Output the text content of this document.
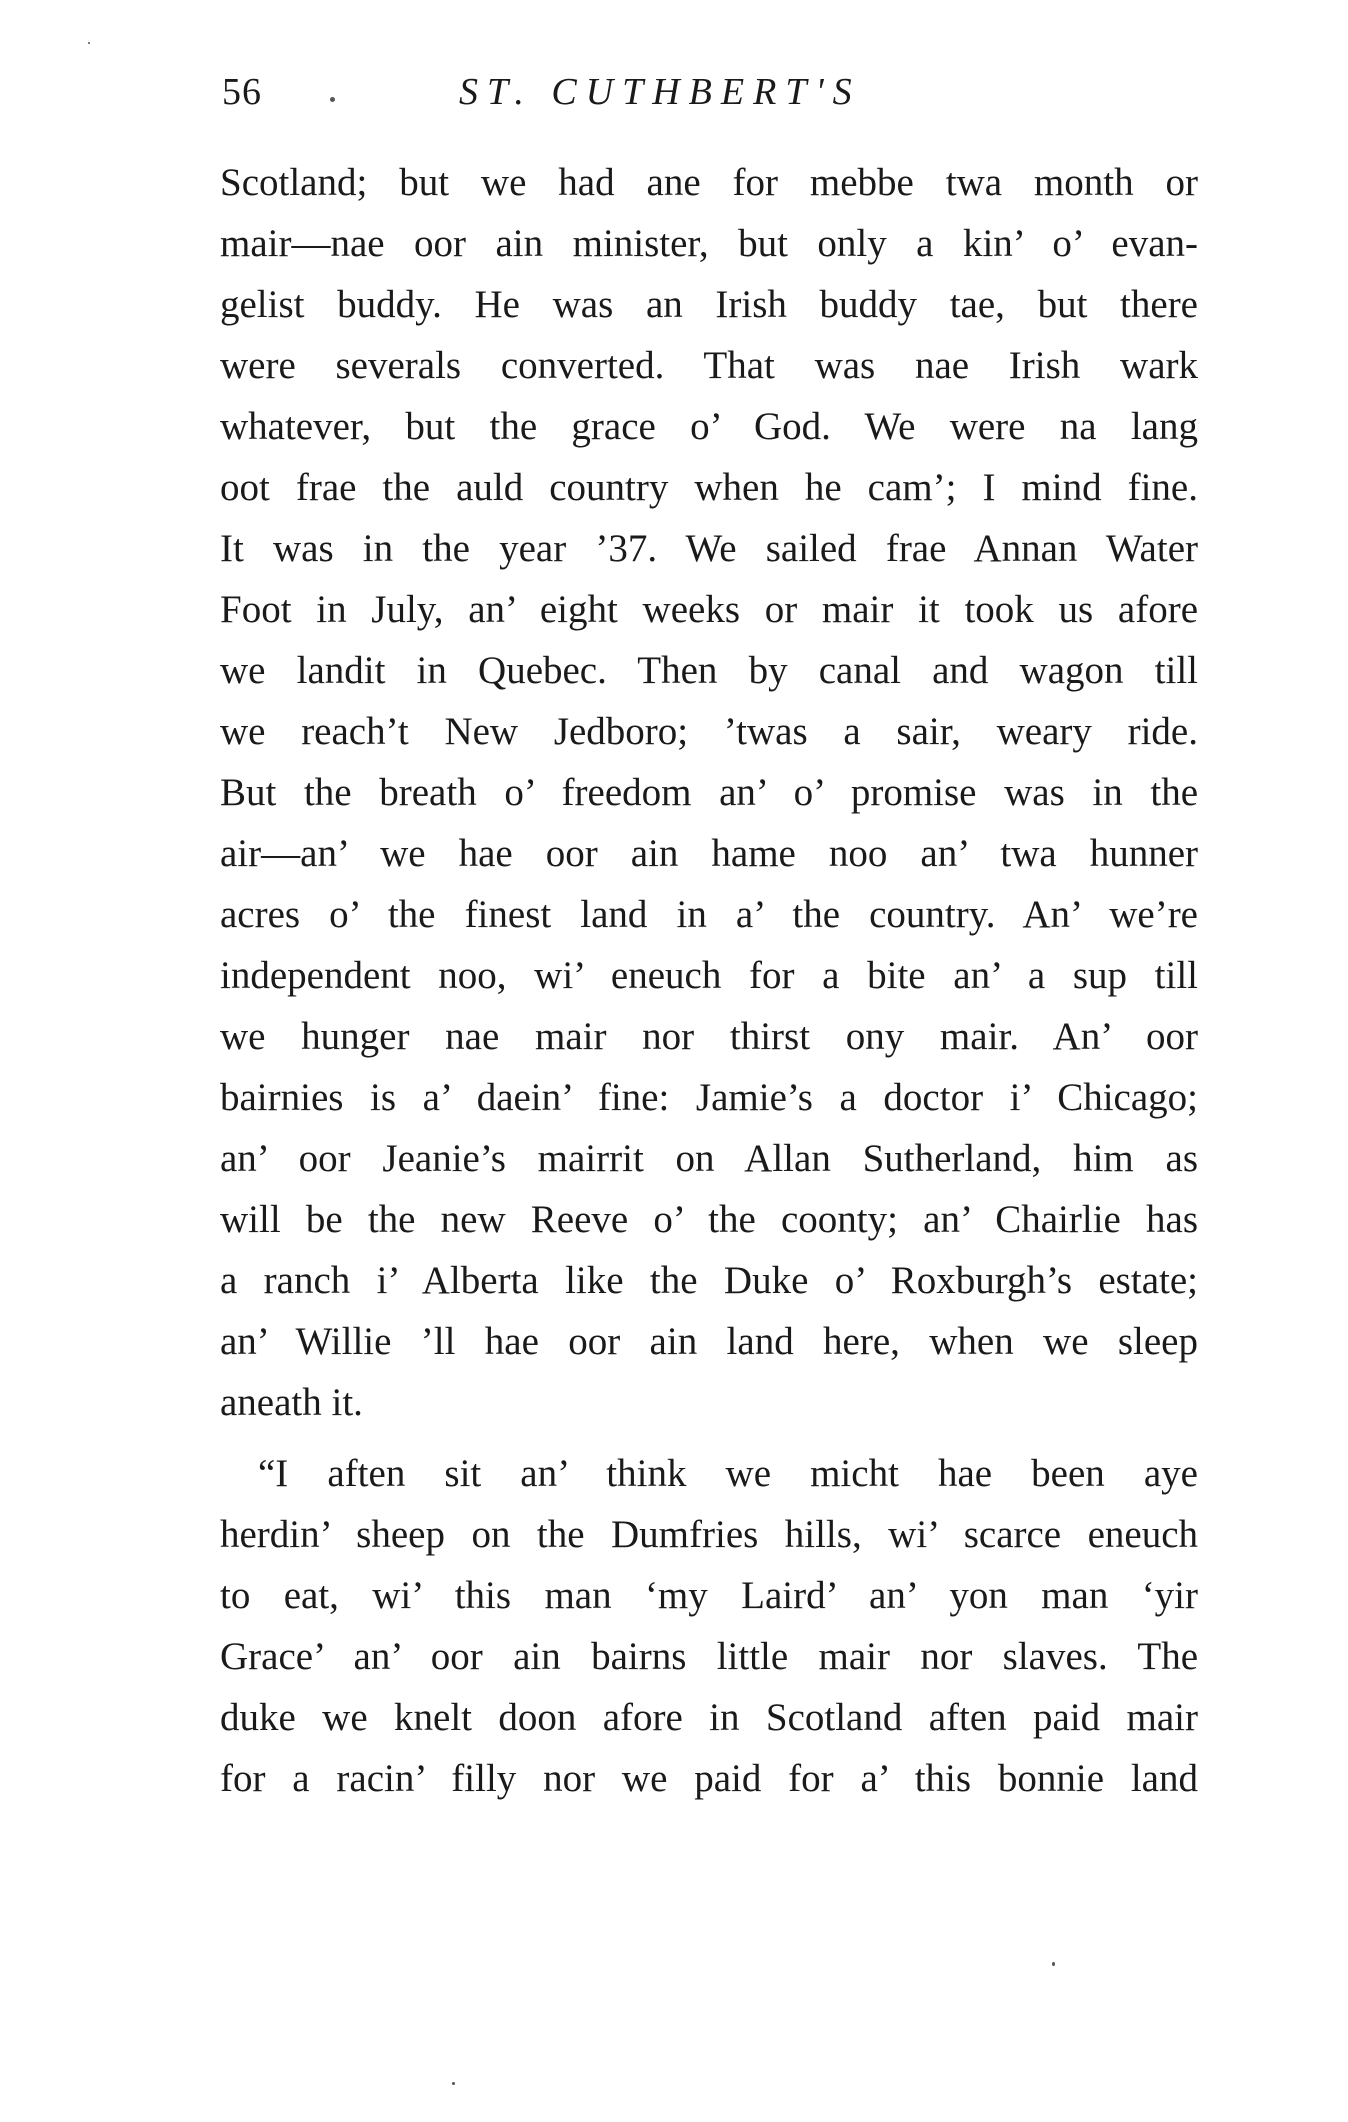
56	ST. CUTHBERT'S
Scotland; but we had ane for mebbe twa month or
mair—nae oor ain minister, but only a kin’ o’ evan-
gelist buddy. He was an Irish buddy tae, but there
were severals converted. That was nae Irish wark
whatever, but the grace o’ God. We were na lang
oot frae the auld country when he cam’; I mind fine.
It was in the year ’37. We sailed frae Annan Water
Foot in July, an’ eight weeks or mair it took us afore
we landit in Quebec. Then by canal and wagon till
we reach’t New Jedboro; ’twas a sair, weary ride.
But the breath o’ freedom an’ o’ promise was in the
air—an’ we hae oor ain hame noo an’ twa hunner
acres o’ the finest land in a’ the country. An’ we’re
independent noo, wi’ eneuch for a bite an’ a sup till
we hunger nae mair nor thirst ony mair. An’ oor
bairnies is a’ daein’ fine: Jamie’s a doctor i’ Chicago;
an’ oor Jeanie’s mairrit on Allan Sutherland, him as
will be the new Reeve o’ the coonty; an’ Chairlie has
a ranch i’ Alberta like the Duke o’ Roxburgh’s estate;
an’ Willie ’ll hae oor ain land here, when we sleep
aneath it.
“I aften sit an’ think we micht hae been aye
herdin’ sheep on the Dumfries hills, wi’ scarce eneuch
to eat, wi’ this man ‘my Laird’ an’ yon man ‘yir
Grace’ an’ oor ain bairns little mair nor slaves. The
duke we knelt doon afore in Scotland aften paid mair
for a racin’ filly nor we paid for a’ this bonnie land
